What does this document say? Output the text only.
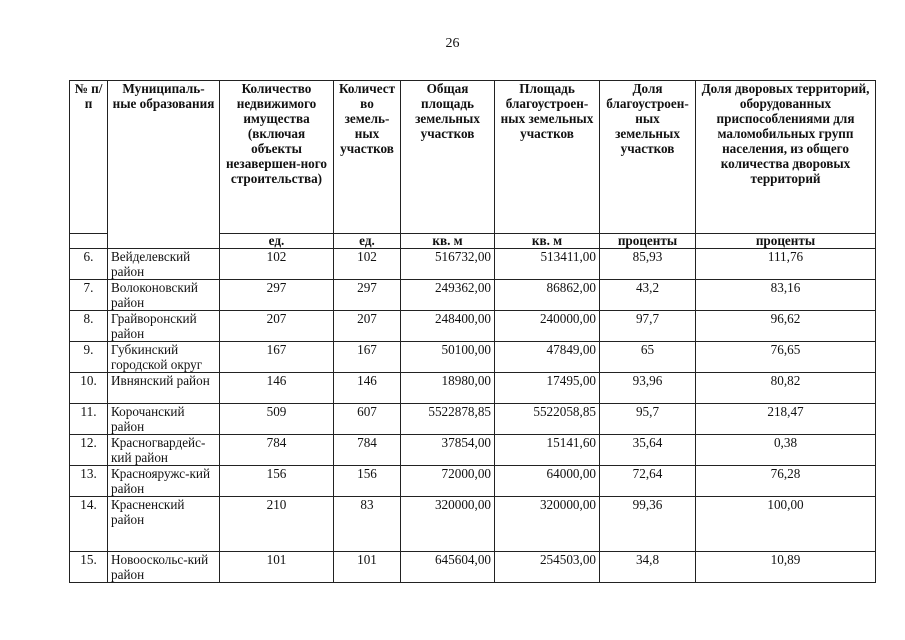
26
№ п/п	Муниципаль-ные образования	Количество недвижимого имущества (включая объекты незавершен-ного строительства)	Количест во земель-ных участков	Общая площадь земельных участков	Площадь благоустроен-ных земельных участков	Доля благоустроен-ных земельных участков	Доля дворовых территорий, оборудованных приспособлениями для маломобильных групп населения, из общего количества дворовых территорий
		ед.	ед.	кв. м	кв. м	проценты	проценты
6.	Вейделевский район	102	102	516732,00	513411,00	85,93	111,76
7.	Волоконовский район	297	297	249362,00	86862,00	43,2	83,16
8.	Грайворонский район	207	207	248400,00	240000,00	97,7	96,62
9.	Губкинский городской округ	167	167	50100,00	47849,00	65	76,65
10.	Ивнянский район	146	146	18980,00	17495,00	93,96	80,82
11.	Корочанский район	509	607	5522878,85	5522058,85	95,7	218,47
12.	Красногвардейс-кий район	784	784	37854,00	15141,60	35,64	0,38
13.	Краснояружс-кий район	156	156	72000,00	64000,00	72,64	76,28
14.	Красненский район	210	83	320000,00	320000,00	99,36	100,00
15.	Новооскольс-кий район	101	101	645604,00	254503,00	34,8	10,89
